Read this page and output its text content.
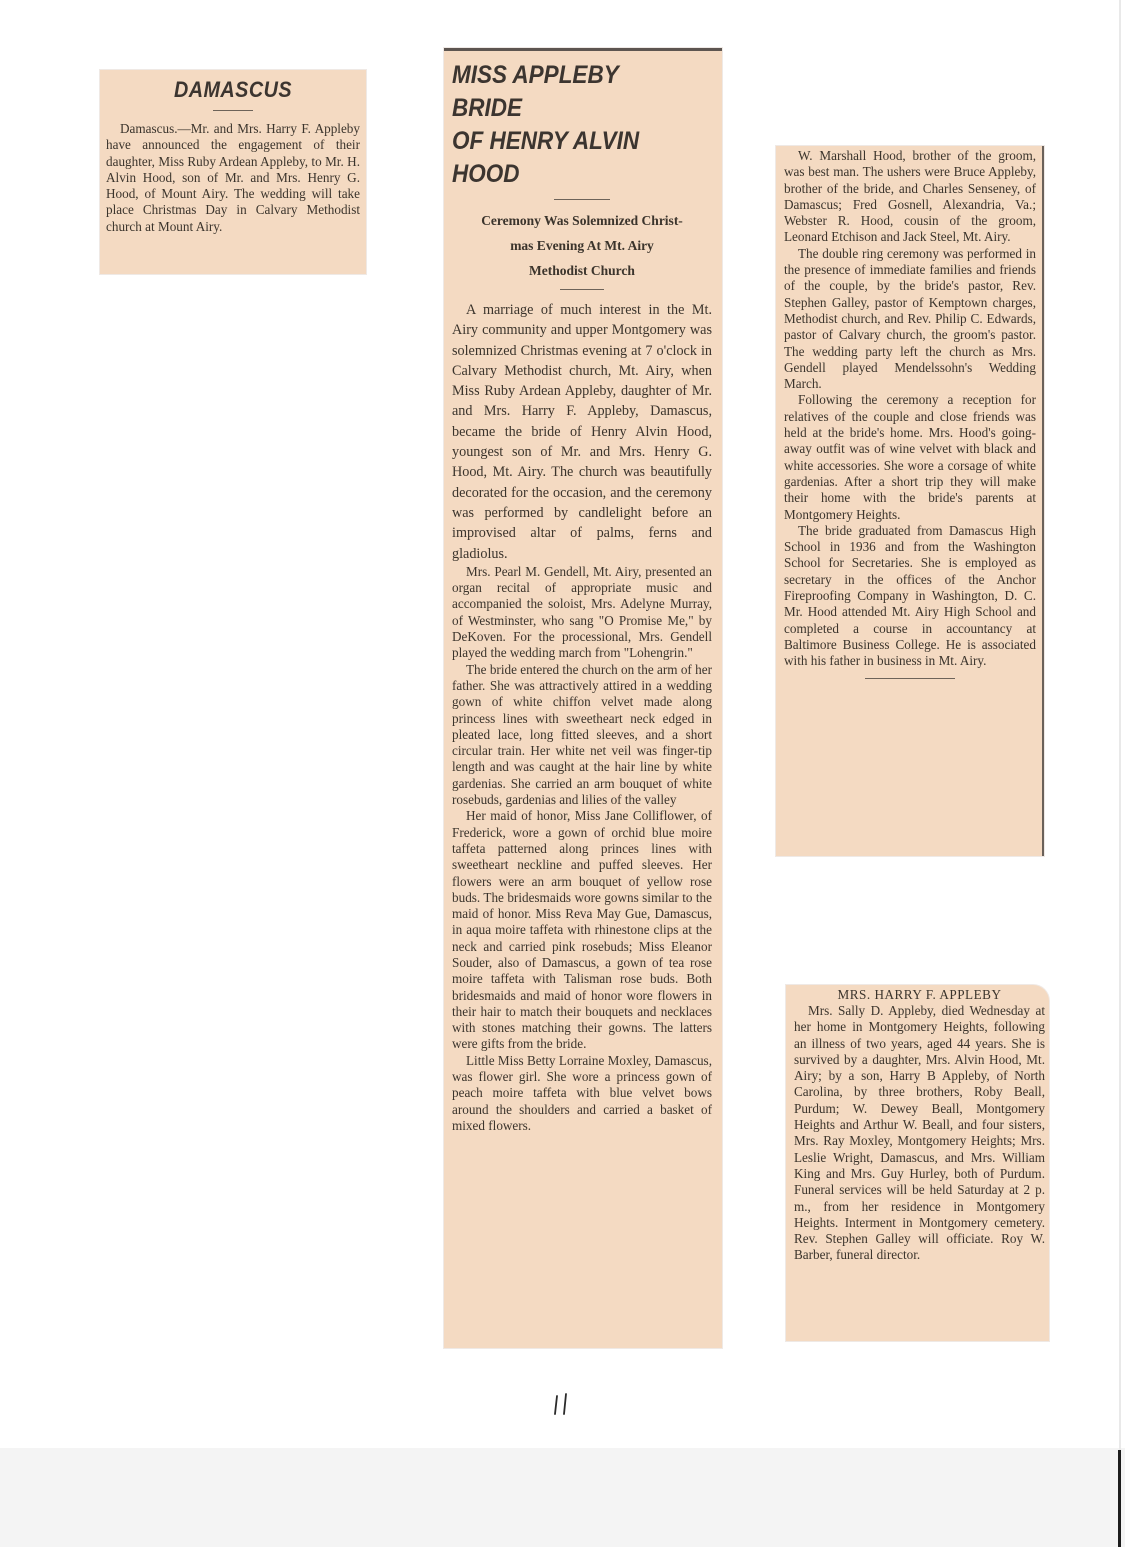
DAMASCUS

Damascus.—Mr. and Mrs. Harry F. Appleby have announced the engagement of their daughter, Miss Ruby Ardean Appleby, to Mr. H. Alvin Hood, son of Mr. and Mrs. Henry G. Hood, of Mount Airy. The wedding will take place Christmas Day in Calvary Methodist church at Mount Airy.

MISS APPLEBY BRIDE
OF HENRY ALVIN HOOD
Ceremony Was Solemnized Christ-
mas Evening At Mt. Airy
Methodist Church

A marriage of much interest in the Mt. Airy community and upper Montgomery was solemnized Christmas evening at 7 o'clock in Calvary Methodist church, Mt. Airy, when Miss Ruby Ardean Appleby, daughter of Mr. and Mrs. Harry F. Appleby, Damascus, became the bride of Henry Alvin Hood, youngest son of Mr. and Mrs. Henry G. Hood, Mt. Airy. The church was beautifully decorated for the occasion, and the ceremony was performed by candlelight before an improvised altar of palms, ferns and gladiolus.

Mrs. Pearl M. Gendell, Mt. Airy, presented an organ recital of appropriate music and accompanied the soloist, Mrs. Adelyne Murray, of Westminster, who sang "O Promise Me," by DeKoven. For the processional, Mrs. Gendell played the wedding march from "Lohengrin."

The bride entered the church on the arm of her father. She was attractively attired in a wedding gown of white chiffon velvet made along princess lines with sweetheart neck edged in pleated lace, long fitted sleeves, and a short circular train. Her white net veil was finger-tip length and was caught at the hair line by white gardenias. She carried an arm bouquet of white rosebuds, gardenias and lilies of the valley

Her maid of honor, Miss Jane Colliflower, of Frederick, wore a gown of orchid blue moire taffeta patterned along princes lines with sweetheart neckline and puffed sleeves. Her flowers were an arm bouquet of yellow rose buds. The bridesmaids wore gowns similar to the maid of honor. Miss Reva May Gue, Damascus, in aqua moire taffeta with rhinestone clips at the neck and carried pink rosebuds; Miss Eleanor Souder, also of Damascus, a gown of tea rose moire taffeta with Talisman rose buds. Both bridesmaids and maid of honor wore flowers in their hair to match their bouquets and necklaces with stones matching their gowns. The latters were gifts from the bride.

Little Miss Betty Lorraine Moxley, Damascus, was flower girl. She wore a princess gown of peach moire taffeta with blue velvet bows around the shoulders and carried a basket of mixed flowers.

W. Marshall Hood, brother of the groom, was best man. The ushers were Bruce Appleby, brother of the bride, and Charles Senseney, of Damascus; Fred Gosnell, Alexandria, Va.; Webster R. Hood, cousin of the groom, Leonard Etchison and Jack Steel, Mt. Airy.

The double ring ceremony was performed in the presence of immediate families and friends of the couple, by the bride's pastor, Rev. Stephen Galley, pastor of Kemptown charges, Methodist church, and Rev. Philip C. Edwards, pastor of Calvary church, the groom's pastor. The wedding party left the church as Mrs. Gendell played Mendelssohn's Wedding March.

Following the ceremony a reception for relatives of the couple and close friends was held at the bride's home. Mrs. Hood's going-away outfit was of wine velvet with black and white accessories. She wore a corsage of white gardenias. After a short trip they will make their home with the bride's parents at Montgomery Heights.

The bride graduated from Damascus High School in 1936 and from the Washington School for Secretaries. She is employed as secretary in the offices of the Anchor Fireproofing Company in Washington, D. C. Mr. Hood attended Mt. Airy High School and completed a course in accountancy at Baltimore Business College. He is associated with his father in business in Mt. Airy.

MRS. HARRY F. APPLEBY

Mrs. Sally D. Appleby, died Wednesday at her home in Montgomery Heights, following an illness of two years, aged 44 years. She is survived by a daughter, Mrs. Alvin Hood, Mt. Airy; by a son, Harry B Appleby, of North Carolina, by three brothers, Roby Beall, Purdum; W. Dewey Beall, Montgomery Heights and Arthur W. Beall, and four sisters, Mrs. Ray Moxley, Montgomery Heights; Mrs. Leslie Wright, Damascus, and Mrs. William King and Mrs. Guy Hurley, both of Purdum. Funeral services will be held Saturday at 2 p. m., from her residence in Montgomery Heights. Interment in Montgomery cemetery. Rev. Stephen Galley will officiate. Roy W. Barber, funeral director.
